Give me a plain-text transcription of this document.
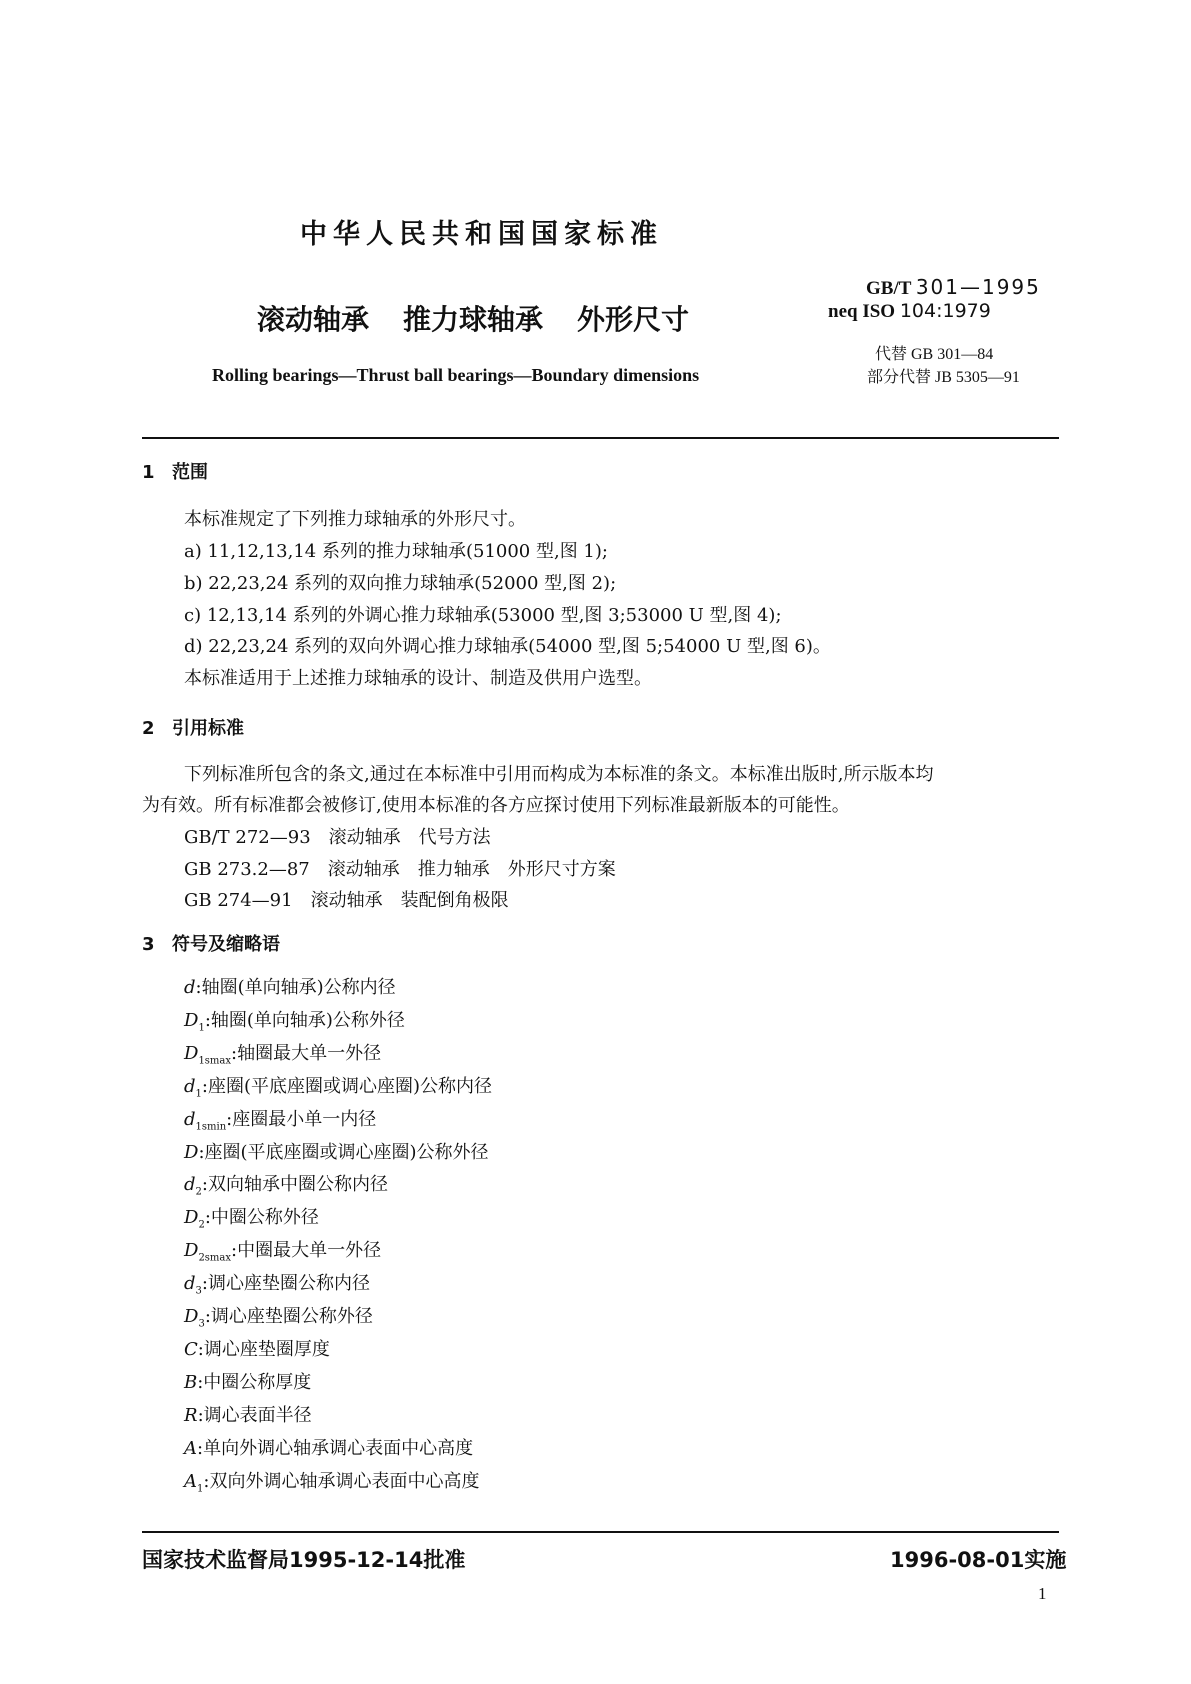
中华人民共和国国家标准
滚动轴承 推力球轴承 外形尺寸
Rolling bearings—Thrust ball bearings—Boundary dimensions
GB/T 301—1995
neq ISO 104:1979
代替 GB 301—84
部分代替 JB 5305—91
1 范围
本标准规定了下列推力球轴承的外形尺寸。
a) 11,12,13,14 系列的推力球轴承(51000 型,图 1);
b) 22,23,24 系列的双向推力球轴承(52000 型,图 2);
c) 12,13,14 系列的外调心推力球轴承(53000 型,图 3;53000 U 型,图 4);
d) 22,23,24 系列的双向外调心推力球轴承(54000 型,图 5;54000 U 型,图 6)。
本标准适用于上述推力球轴承的设计、制造及供用户选型。
2 引用标准
下列标准所包含的条文,通过在本标准中引用而构成为本标准的条文。本标准出版时,所示版本均
为有效。所有标准都会被修订,使用本标准的各方应探讨使用下列标准最新版本的可能性。
GB/T 272—93　滚动轴承　代号方法
GB 273.2—87　滚动轴承　推力轴承　外形尺寸方案
GB 274—91　滚动轴承　装配倒角极限
3 符号及缩略语
d:轴圈(单向轴承)公称内径
$D_1$:轴圈(单向轴承)公称外径
$D_{1smax}$:轴圈最大单一外径
$d_1$:座圈(平底座圈或调心座圈)公称内径
$d_{1smin}$:座圈最小单一内径
D:座圈(平底座圈或调心座圈)公称外径
$d_2$:双向轴承中圈公称内径
$D_2$:中圈公称外径
$D_{2smax}$:中圈最大单一外径
$d_3$:调心座垫圈公称内径
$D_3$:调心座垫圈公称外径
C:调心座垫圈厚度
B:中圈公称厚度
R:调心表面半径
A:单向外调心轴承调心表面中心高度
$A_1$:双向外调心轴承调心表面中心高度
国家技术监督局1995-12-14批准	1996-08-01实施
1
